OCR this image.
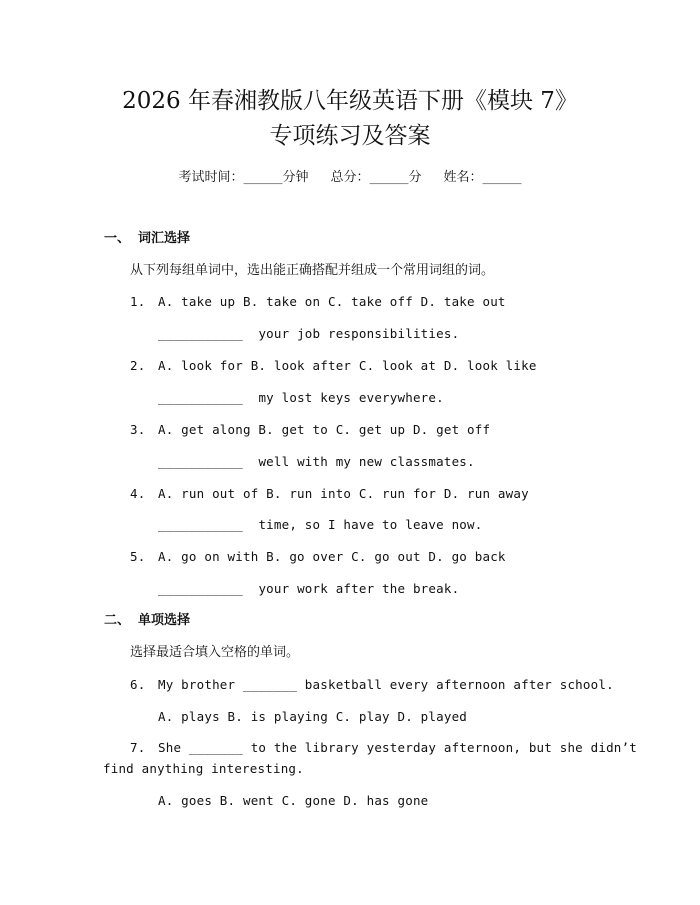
2026 年春湘教版八年级英语下册《模块 7》
专项练习及答案
考试时间：______分钟 总分：______分 姓名：______
一、 词汇选择
从下列每组单词中，选出能正确搭配并组成一个常用词组的词。
1. A. take up B. take on C. take off D. take out
___________ your job responsibilities.
2. A. look for B. look after C. look at D. look like
___________ my lost keys everywhere.
3. A. get along B. get to C. get up D. get off
___________ well with my new classmates.
4. A. run out of B. run into C. run for D. run away
___________ time, so I have to leave now.
5. A. go on with B. go over C. go out D. go back
___________ your work after the break.
二、 单项选择
选择最适合填入空格的单词。
6. My brother _______ basketball every afternoon after school.
A. plays B. is playing C. play D. played
7. She _______ to the library yesterday afternoon, but she didn’t
find anything interesting.
A. goes B. went C. gone D. has gone
